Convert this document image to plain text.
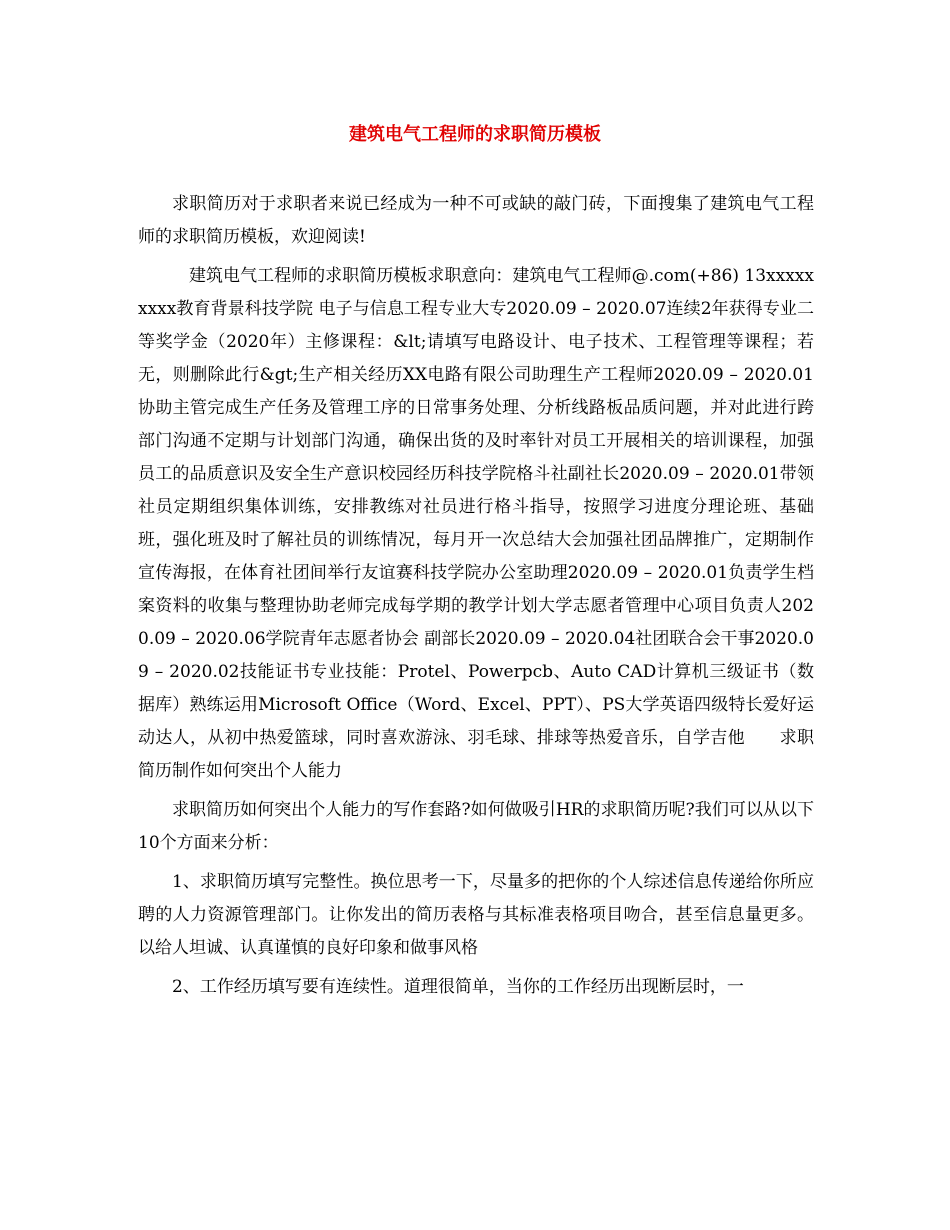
建筑电气工程师的求职简历模板

求职简历对于求职者来说已经成为一种不可或缺的敲门砖，下面搜集了建筑电气工程师的求职简历模板，欢迎阅读!

建筑电气工程师的求职简历模板求职意向：建筑电气工程师@.com(+86) 13xxxxxxxxx教育背景科技学院 电子与信息工程专业大专2020.09 – 2020.07连续2年获得专业二等奖学金（2020年）主修课程：&lt;请填写电路设计、电子技术、工程管理等课程；若无，则删除此行&gt;生产相关经历XX电路有限公司助理生产工程师2020.09 – 2020.01协助主管完成生产任务及管理工序的日常事务处理、分析线路板品质问题，并对此进行跨部门沟通不定期与计划部门沟通，确保出货的及时率针对员工开展相关的培训课程，加强员工的品质意识及安全生产意识校园经历科技学院格斗社副社长2020.09 – 2020.01带领社员定期组织集体训练，安排教练对社员进行格斗指导，按照学习进度分理论班、基础班，强化班及时了解社员的训练情况，每月开一次总结大会加强社团品牌推广，定期制作宣传海报，在体育社团间举行友谊赛科技学院办公室助理2020.09 – 2020.01负责学生档案资料的收集与整理协助老师完成每学期的教学计划大学志愿者管理中心项目负责人2020.09 – 2020.06学院青年志愿者协会 副部长2020.09 – 2020.04社团联合会干事2020.09 – 2020.02技能证书专业技能：Protel、Powerpcb、Auto CAD计算机三级证书（数据库）熟练运用Microsoft Office（Word、Excel、PPT）、PS大学英语四级特长爱好运动达人，从初中热爱篮球，同时喜欢游泳、羽毛球、排球等热爱音乐，自学吉他　　求职简历制作如何突出个人能力

求职简历如何突出个人能力的写作套路?如何做吸引HR的求职简历呢?我们可以从以下10个方面来分析：

1、求职简历填写完整性。换位思考一下，尽量多的把你的个人综述信息传递给你所应聘的人力资源管理部门。让你发出的简历表格与其标准表格项目吻合，甚至信息量更多。以给人坦诚、认真谨慎的良好印象和做事风格

2、工作经历填写要有连续性。道理很简单，当你的工作经历出现断层时，一
